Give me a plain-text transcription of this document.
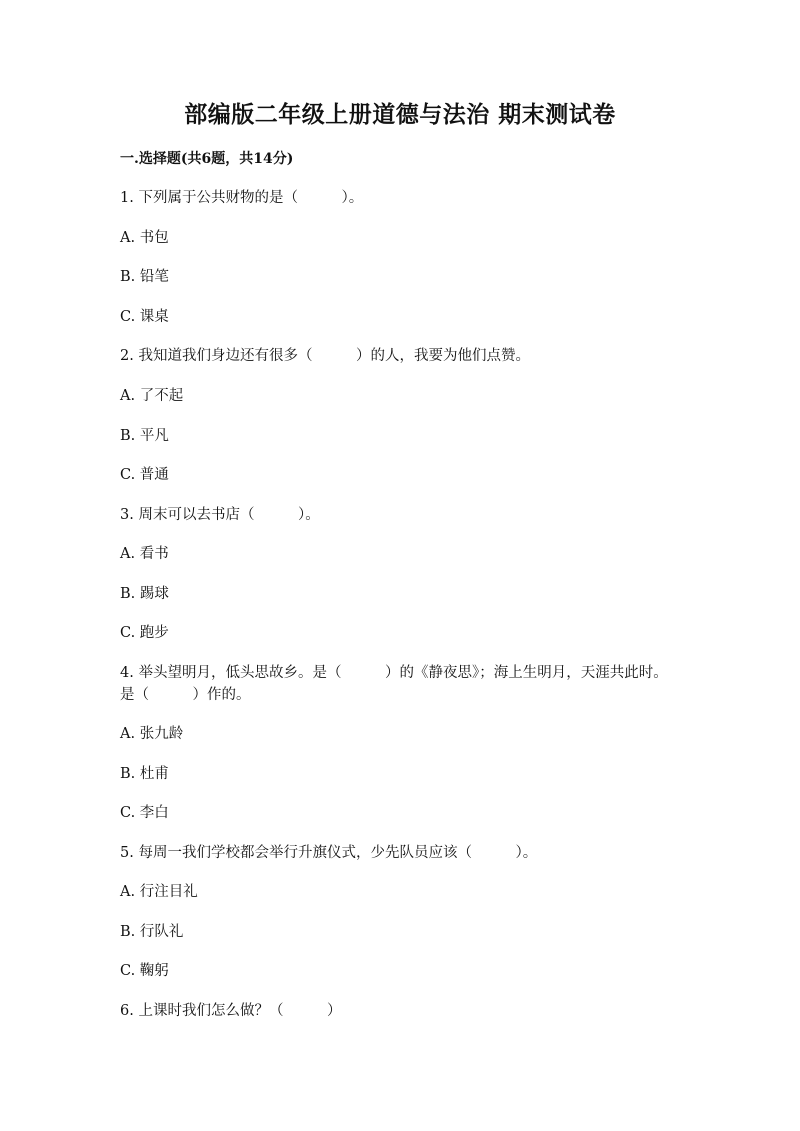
部编版二年级上册道德与法治 期末测试卷
一.选择题(共6题，共14分)
1. 下列属于公共财物的是（　　　）。
A. 书包
B. 铅笔
C. 课桌
2. 我知道我们身边还有很多（　　　）的人，我要为他们点赞。
A. 了不起
B. 平凡
C. 普通
3. 周末可以去书店（　　　）。
A. 看书
B. 踢球
C. 跑步
4. 举头望明月，低头思故乡。是（　　　）的《静夜思》；海上生明月，天涯共此时。是（　　　）作的。
A. 张九龄
B. 杜甫
C. 李白
5. 每周一我们学校都会举行升旗仪式，少先队员应该（　　　）。
A. 行注目礼
B. 行队礼
C. 鞠躬
6. 上课时我们怎么做？（　　　）
